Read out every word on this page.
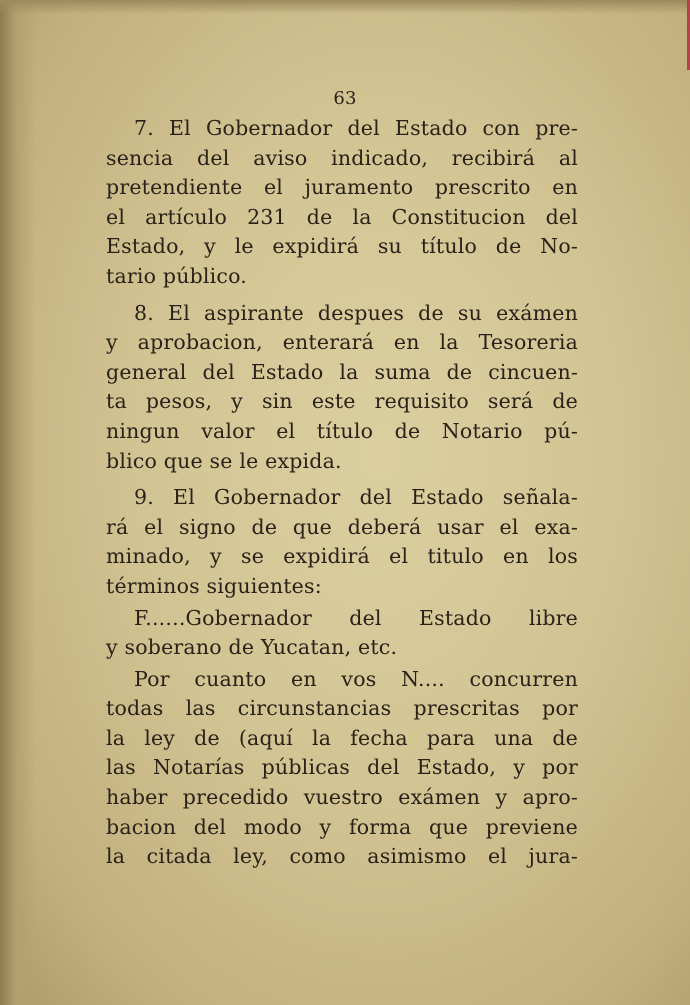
63
7. El Gobernador del Estado con pre-
sencia del aviso indicado, recibirá al
pretendiente el juramento prescrito en
el artículo 231 de la Constitucion del
Estado, y le expidirá su título de No-
tario público.
8. El aspirante despues de su exámen
y aprobacion, enterará en la Tesoreria
general del Estado la suma de cincuen-
ta pesos, y sin este requisito será de
ningun valor el título de Notario pú-
blico que se le expida.
9. El Gobernador del Estado señala-
rá el signo de que deberá usar el exa-
minado, y se expidirá el titulo en los
términos siguientes:
F......Gobernador del Estado libre
y soberano de Yucatan, etc.
Por cuanto en vos N.... concurren
todas las circunstancias prescritas por
la ley de (aquí la fecha para una de
las Notarías públicas del Estado, y por
haber precedido vuestro exámen y apro-
bacion del modo y forma que previene
la citada ley, como asimismo el jura-
